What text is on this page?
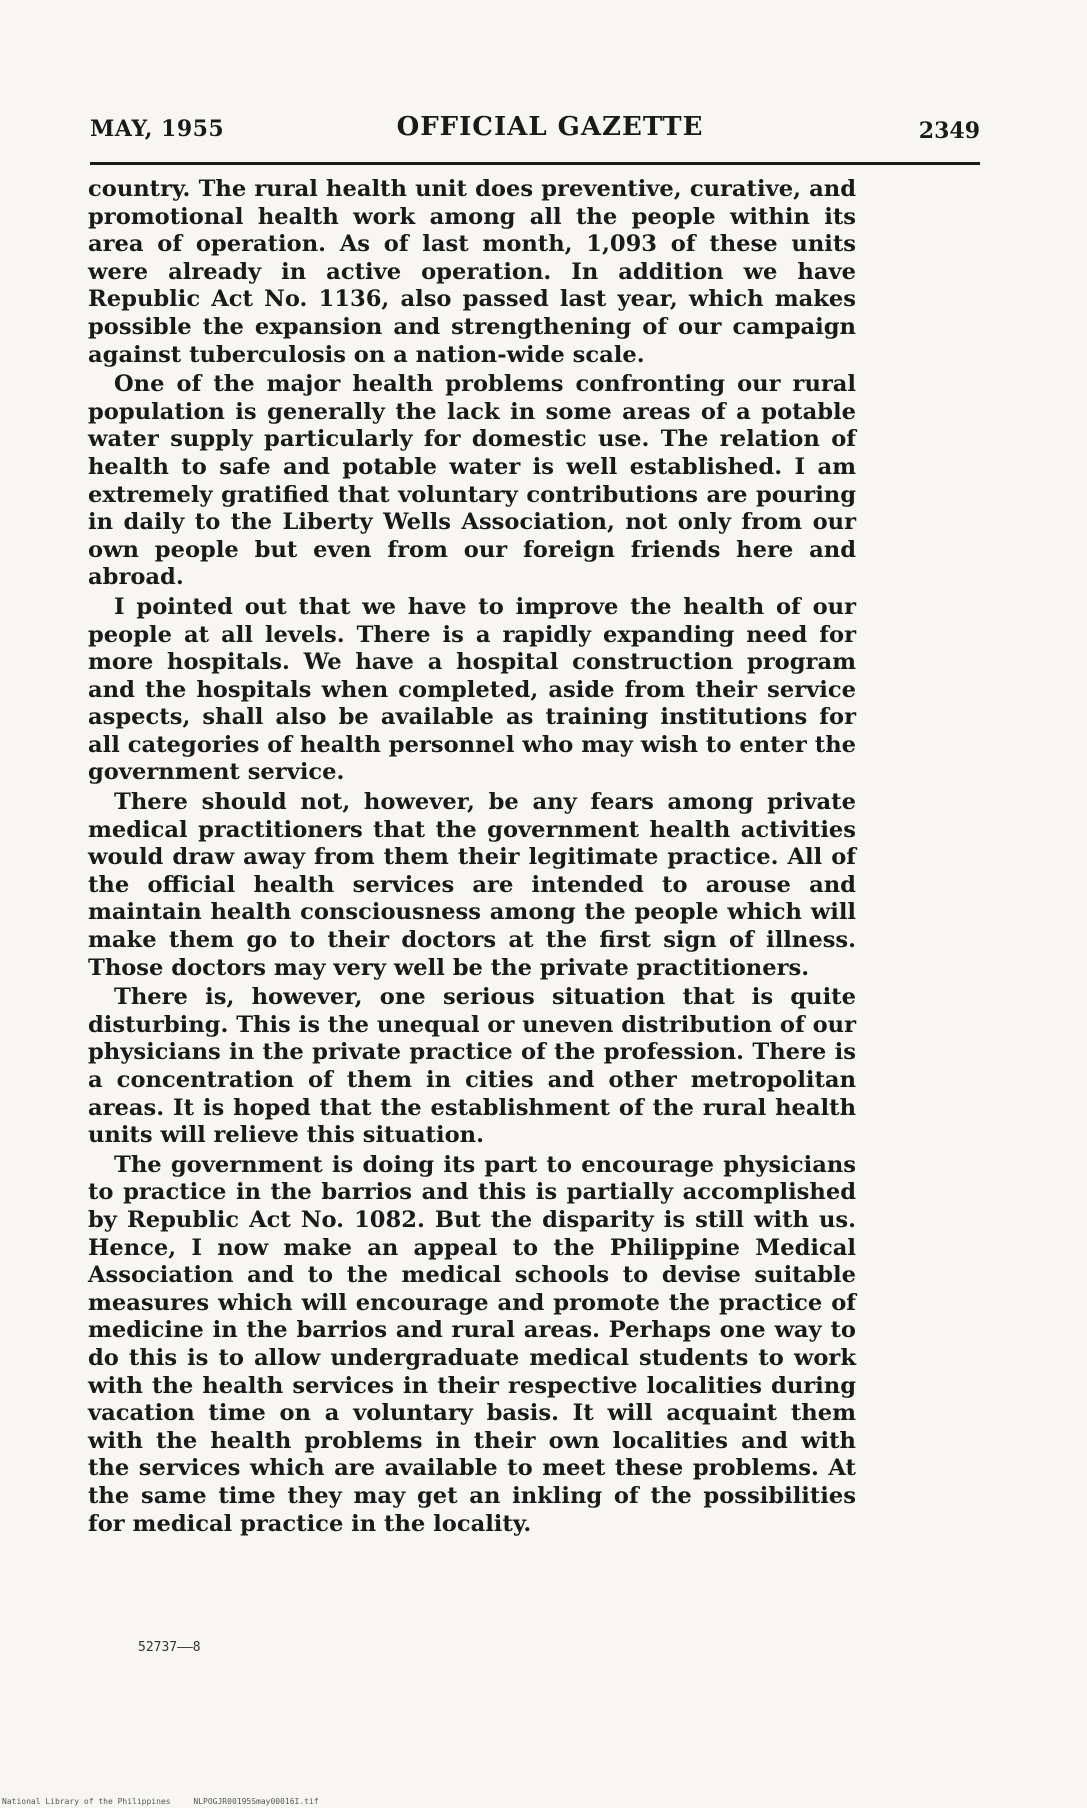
MAY, 1955	OFFICIAL GAZETTE	2349

country. The rural health unit does preventive, curative, and promotional health work among all the people within its area of operation. As of last month, 1,093 of these units were already in active operation. In addition we have Republic Act No. 1136, also passed last year, which makes possible the expansion and strengthening of our campaign against tuberculosis on a nation-wide scale.

One of the major health problems confronting our rural population is generally the lack in some areas of a potable water supply particularly for domestic use. The relation of health to safe and potable water is well established. I am extremely gratified that voluntary contributions are pouring in daily to the Liberty Wells Association, not only from our own people but even from our foreign friends here and abroad.

I pointed out that we have to improve the health of our people at all levels. There is a rapidly expanding need for more hospitals. We have a hospital construction program and the hospitals when completed, aside from their service aspects, shall also be available as training institutions for all categories of health personnel who may wish to enter the government service.

There should not, however, be any fears among private medical practitioners that the government health activities would draw away from them their legitimate practice. All of the official health services are intended to arouse and maintain health consciousness among the people which will make them go to their doctors at the first sign of illness. Those doctors may very well be the private practitioners.

There is, however, one serious situation that is quite disturbing. This is the unequal or uneven distribution of our physicians in the private practice of the profession. There is a concentration of them in cities and other metropolitan areas. It is hoped that the establishment of the rural health units will relieve this situation.

The government is doing its part to encourage physicians to practice in the barrios and this is partially accomplished by Republic Act No. 1082. But the disparity is still with us. Hence, I now make an appeal to the Philippine Medical Association and to the medical schools to devise suitable measures which will encourage and promote the practice of medicine in the barrios and rural areas. Perhaps one way to do this is to allow undergraduate medical students to work with the health services in their respective localities during vacation time on a voluntary basis. It will acquaint them with the health problems in their own localities and with the services which are available to meet these problems. At the same time they may get an inkling of the possibilities for medical practice in the locality.

52737——8
National Library of the Philippines	NLPOGJR00195Smay00016I.tif
